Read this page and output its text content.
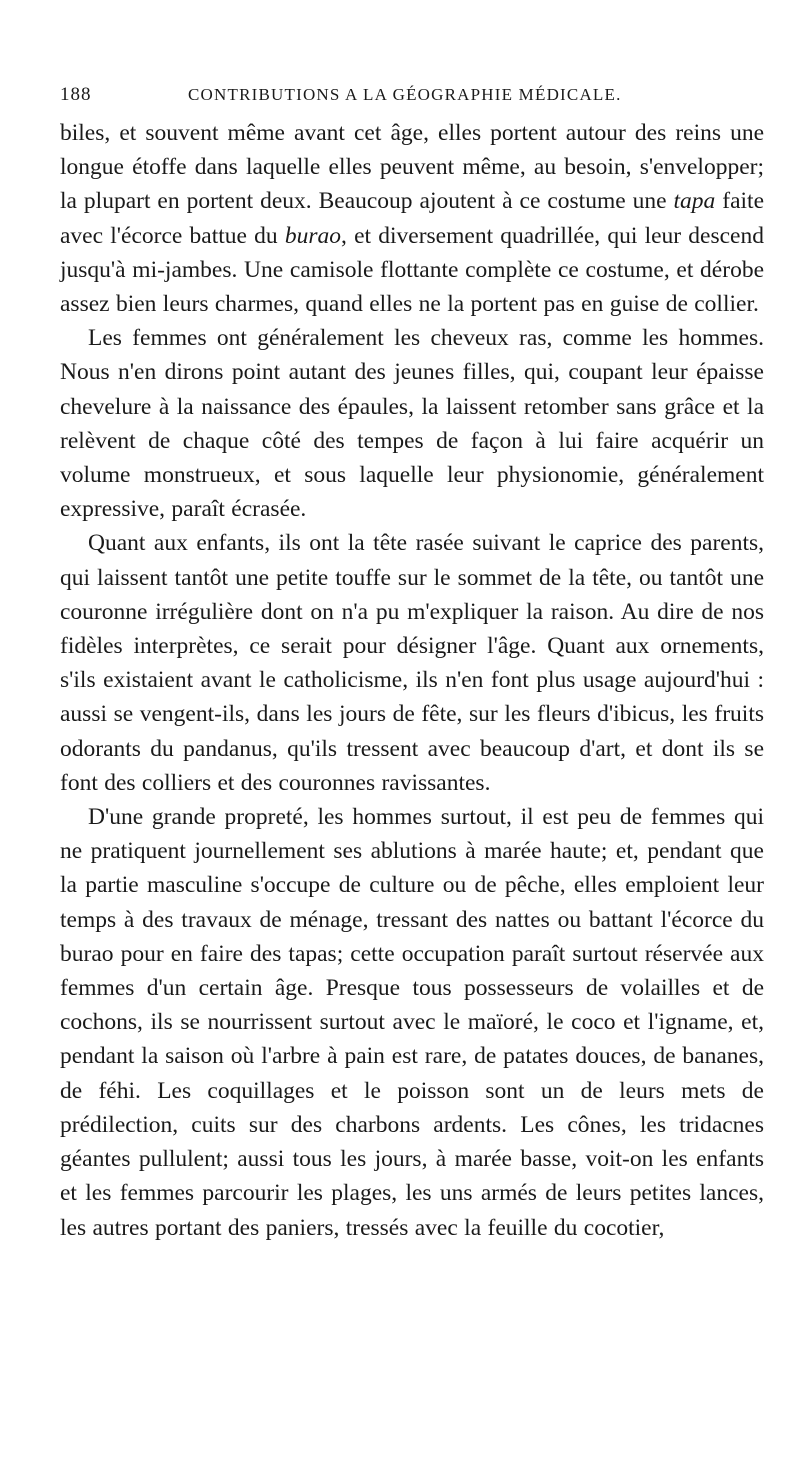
188	CONTRIBUTIONS A LA GÉOGRAPHIE MÉDICALE.

biles, et souvent même avant cet âge, elles portent autour des reins une longue étoffe dans laquelle elles peuvent même, au besoin, s'envelopper; la plupart en portent deux. Beaucoup ajoutent à ce costume une tapa faite avec l'écorce battue du burao, et diversement quadrillée, qui leur descend jusqu'à mi-jambes. Une camisole flottante complète ce costume, et dérobe assez bien leurs charmes, quand elles ne la portent pas en guise de collier.

Les femmes ont généralement les cheveux ras, comme les hommes. Nous n'en dirons point autant des jeunes filles, qui, coupant leur épaisse chevelure à la naissance des épaules, la laissent retomber sans grâce et la relèvent de chaque côté des tempes de façon à lui faire acquérir un volume monstrueux, et sous laquelle leur physionomie, généralement expressive, paraît écrasée.

Quant aux enfants, ils ont la tête rasée suivant le caprice des parents, qui laissent tantôt une petite touffe sur le sommet de la tête, ou tantôt une couronne irrégulière dont on n'a pu m'expliquer la raison. Au dire de nos fidèles interprètes, ce serait pour désigner l'âge. Quant aux ornements, s'ils existaient avant le catholicisme, ils n'en font plus usage aujourd'hui : aussi se vengent-ils, dans les jours de fête, sur les fleurs d'ibicus, les fruits odorants du pandanus, qu'ils tressent avec beaucoup d'art, et dont ils se font des colliers et des couronnes ravissantes.

D'une grande propreté, les hommes surtout, il est peu de femmes qui ne pratiquent journellement ses ablutions à marée haute; et, pendant que la partie masculine s'occupe de culture ou de pêche, elles emploient leur temps à des travaux de ménage, tressant des nattes ou battant l'écorce du burao pour en faire des tapas; cette occupation paraît surtout réservée aux femmes d'un certain âge. Presque tous possesseurs de volailles et de cochons, ils se nourrissent surtout avec le maïoré, le coco et l'igname, et, pendant la saison où l'arbre à pain est rare, de patates douces, de bananes, de féhi. Les coquillages et le poisson sont un de leurs mets de prédilection, cuits sur des charbons ardents. Les cônes, les tridacnes géantes pullulent; aussi tous les jours, à marée basse, voit-on les enfants et les femmes parcourir les plages, les uns armés de leurs petites lances, les autres portant des paniers, tressés avec la feuille du cocotier,
